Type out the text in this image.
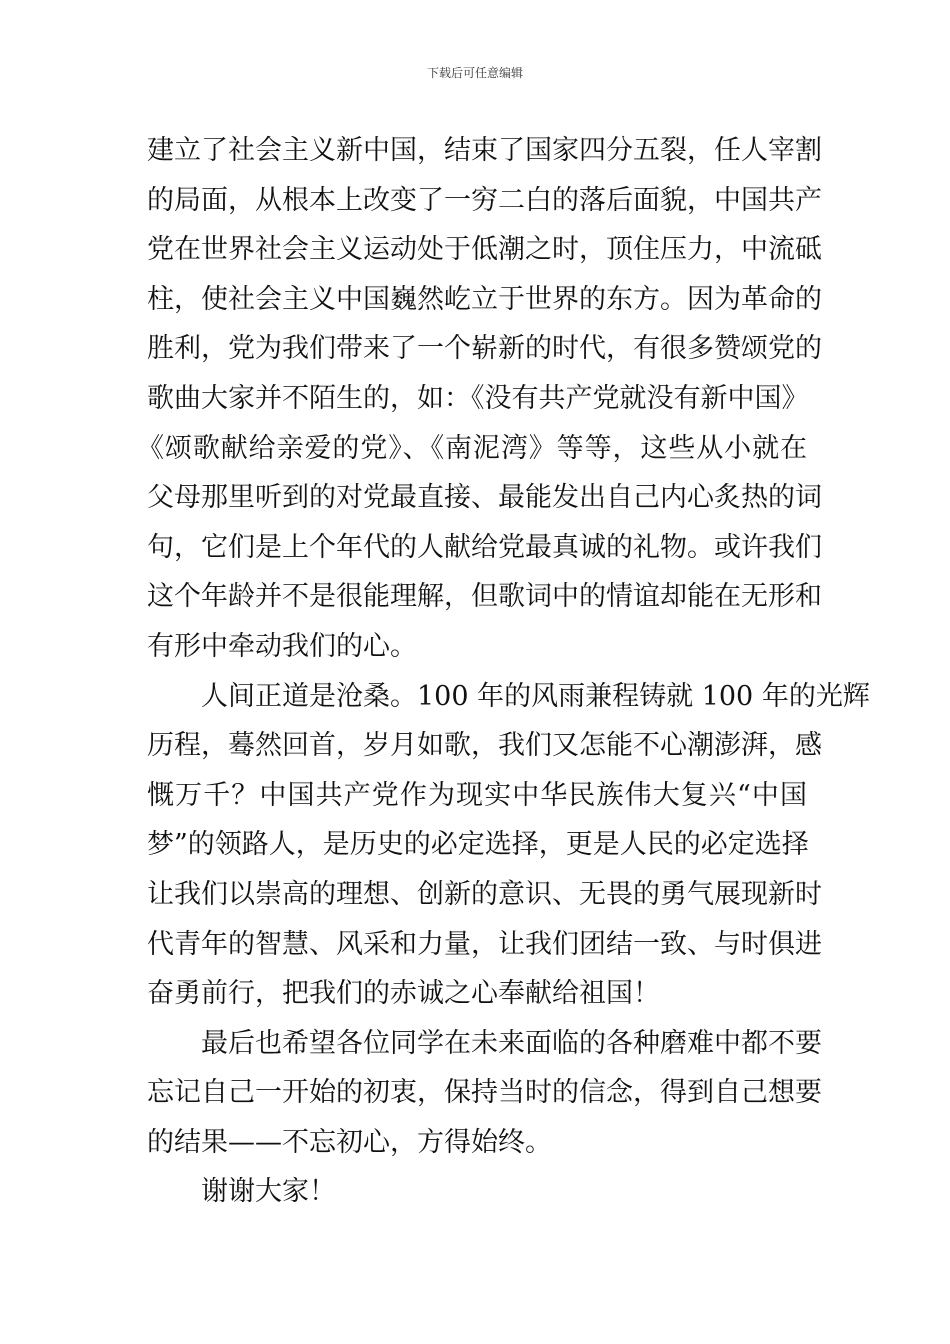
下载后可任意编辑
建立了社会主义新中国，结束了国家四分五裂，任人宰割
的局面，从根本上改变了一穷二白的落后面貌，中国共产
党在世界社会主义运动处于低潮之时，顶住压力，中流砥
柱，使社会主义中国巍然屹立于世界的东方。因为革命的
胜利，党为我们带来了一个崭新的时代，有很多赞颂党的
歌曲大家并不陌生的，如：《没有共产党就没有新中国》
《颂歌献给亲爱的党》、《南泥湾》等等，这些从小就在
父母那里听到的对党最直接、最能发出自己内心炙热的词
句，它们是上个年代的人献给党最真诚的礼物。或许我们
这个年龄并不是很能理解，但歌词中的情谊却能在无形和
有形中牵动我们的心。
人间正道是沧桑。100 年的风雨兼程铸就 100 年的光辉
历程，蓦然回首，岁月如歌，我们又怎能不心潮澎湃，感
慨万千？中国共产党作为现实中华民族伟大复兴“中国
梦”的领路人，是历史的必定选择，更是人民的必定选择
让我们以崇高的理想、创新的意识、无畏的勇气展现新时
代青年的智慧、风采和力量，让我们团结一致、与时俱进
奋勇前行，把我们的赤诚之心奉献给祖国！
最后也希望各位同学在未来面临的各种磨难中都不要
忘记自己一开始的初衷，保持当时的信念，得到自己想要
的结果——不忘初心，方得始终。
谢谢大家！
